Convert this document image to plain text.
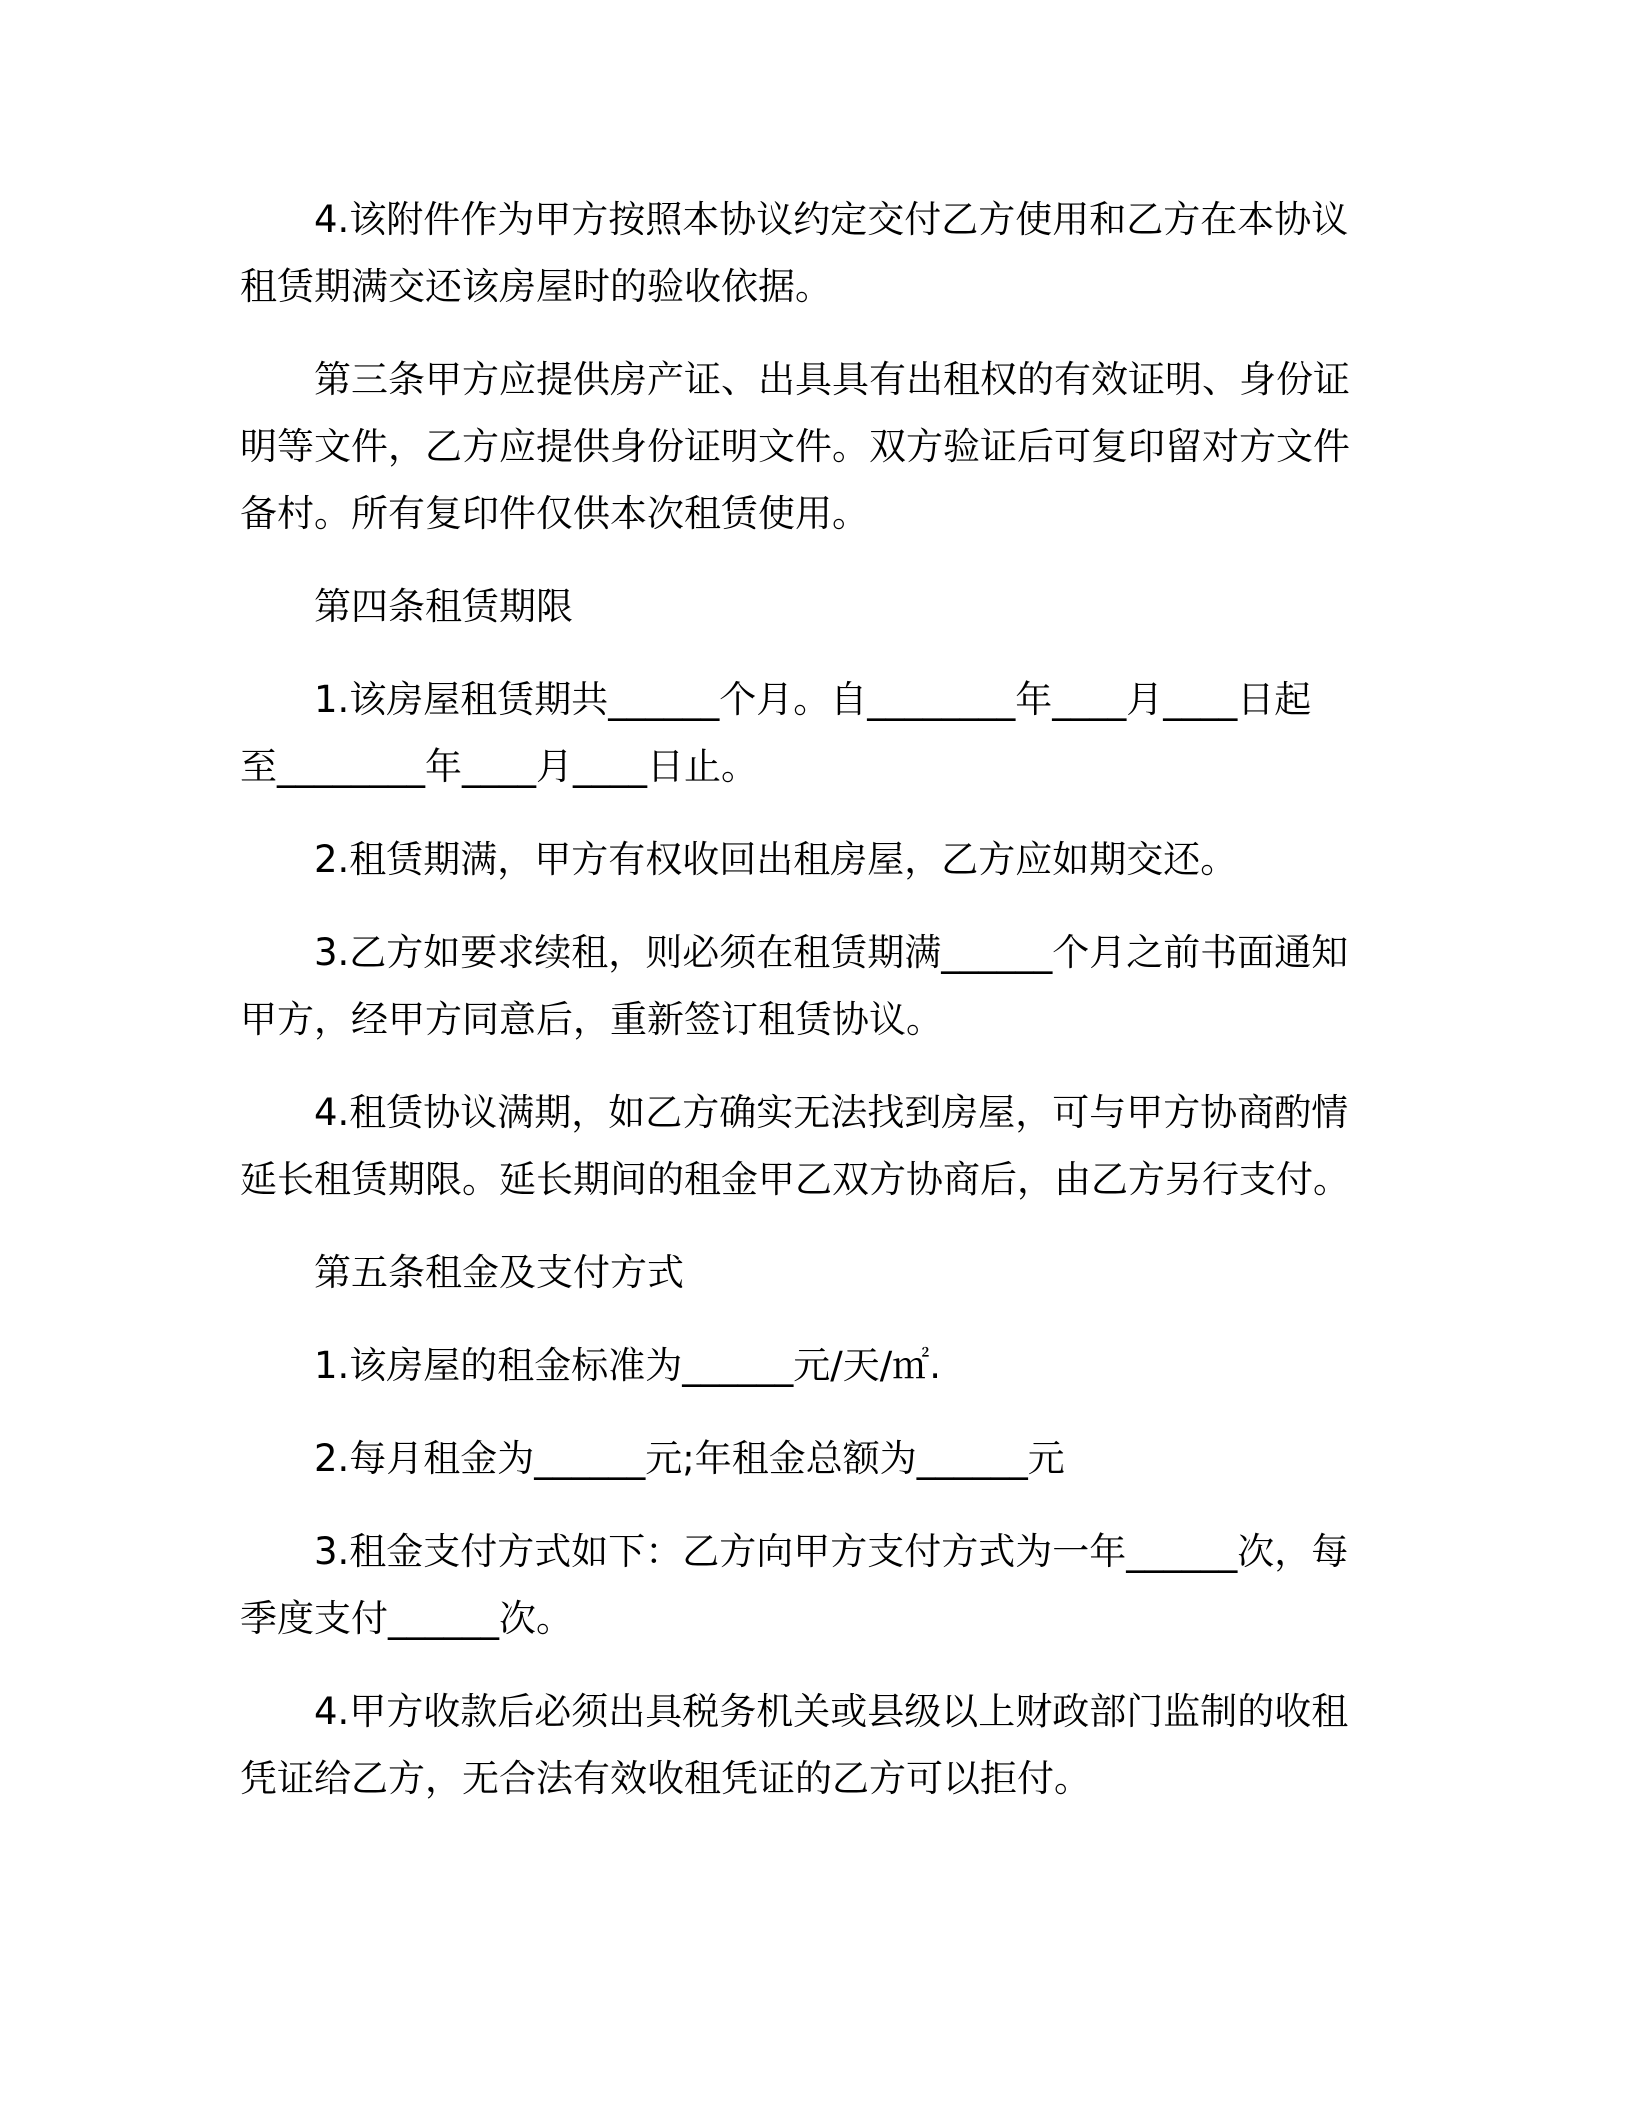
4.该附件作为甲方按照本协议约定交付乙方使用和乙方在本协议
租赁期满交还该房屋时的验收依据。

第三条甲方应提供房产证、出具具有出租权的有效证明、身份证
明等文件，乙方应提供身份证明文件。双方验证后可复印留对方文件
备村。所有复印件仅供本次租赁使用。

第四条租赁期限

1.该房屋租赁期共______个月。自________年____月____日起
至________年____月____日止。

2.租赁期满，甲方有权收回出租房屋，乙方应如期交还。

3.乙方如要求续租，则必须在租赁期满______个月之前书面通知
甲方，经甲方同意后，重新签订租赁协议。

4.租赁协议满期，如乙方确实无法找到房屋，可与甲方协商酌情
延长租赁期限。延长期间的租金甲乙双方协商后，由乙方另行支付。

第五条租金及支付方式

1.该房屋的租金标准为______元/天/㎡.

2.每月租金为______元;年租金总额为______元

3.租金支付方式如下：乙方向甲方支付方式为一年______次，每
季度支付______次。

4.甲方收款后必须出具税务机关或县级以上财政部门监制的收租
凭证给乙方，无合法有效收租凭证的乙方可以拒付。
